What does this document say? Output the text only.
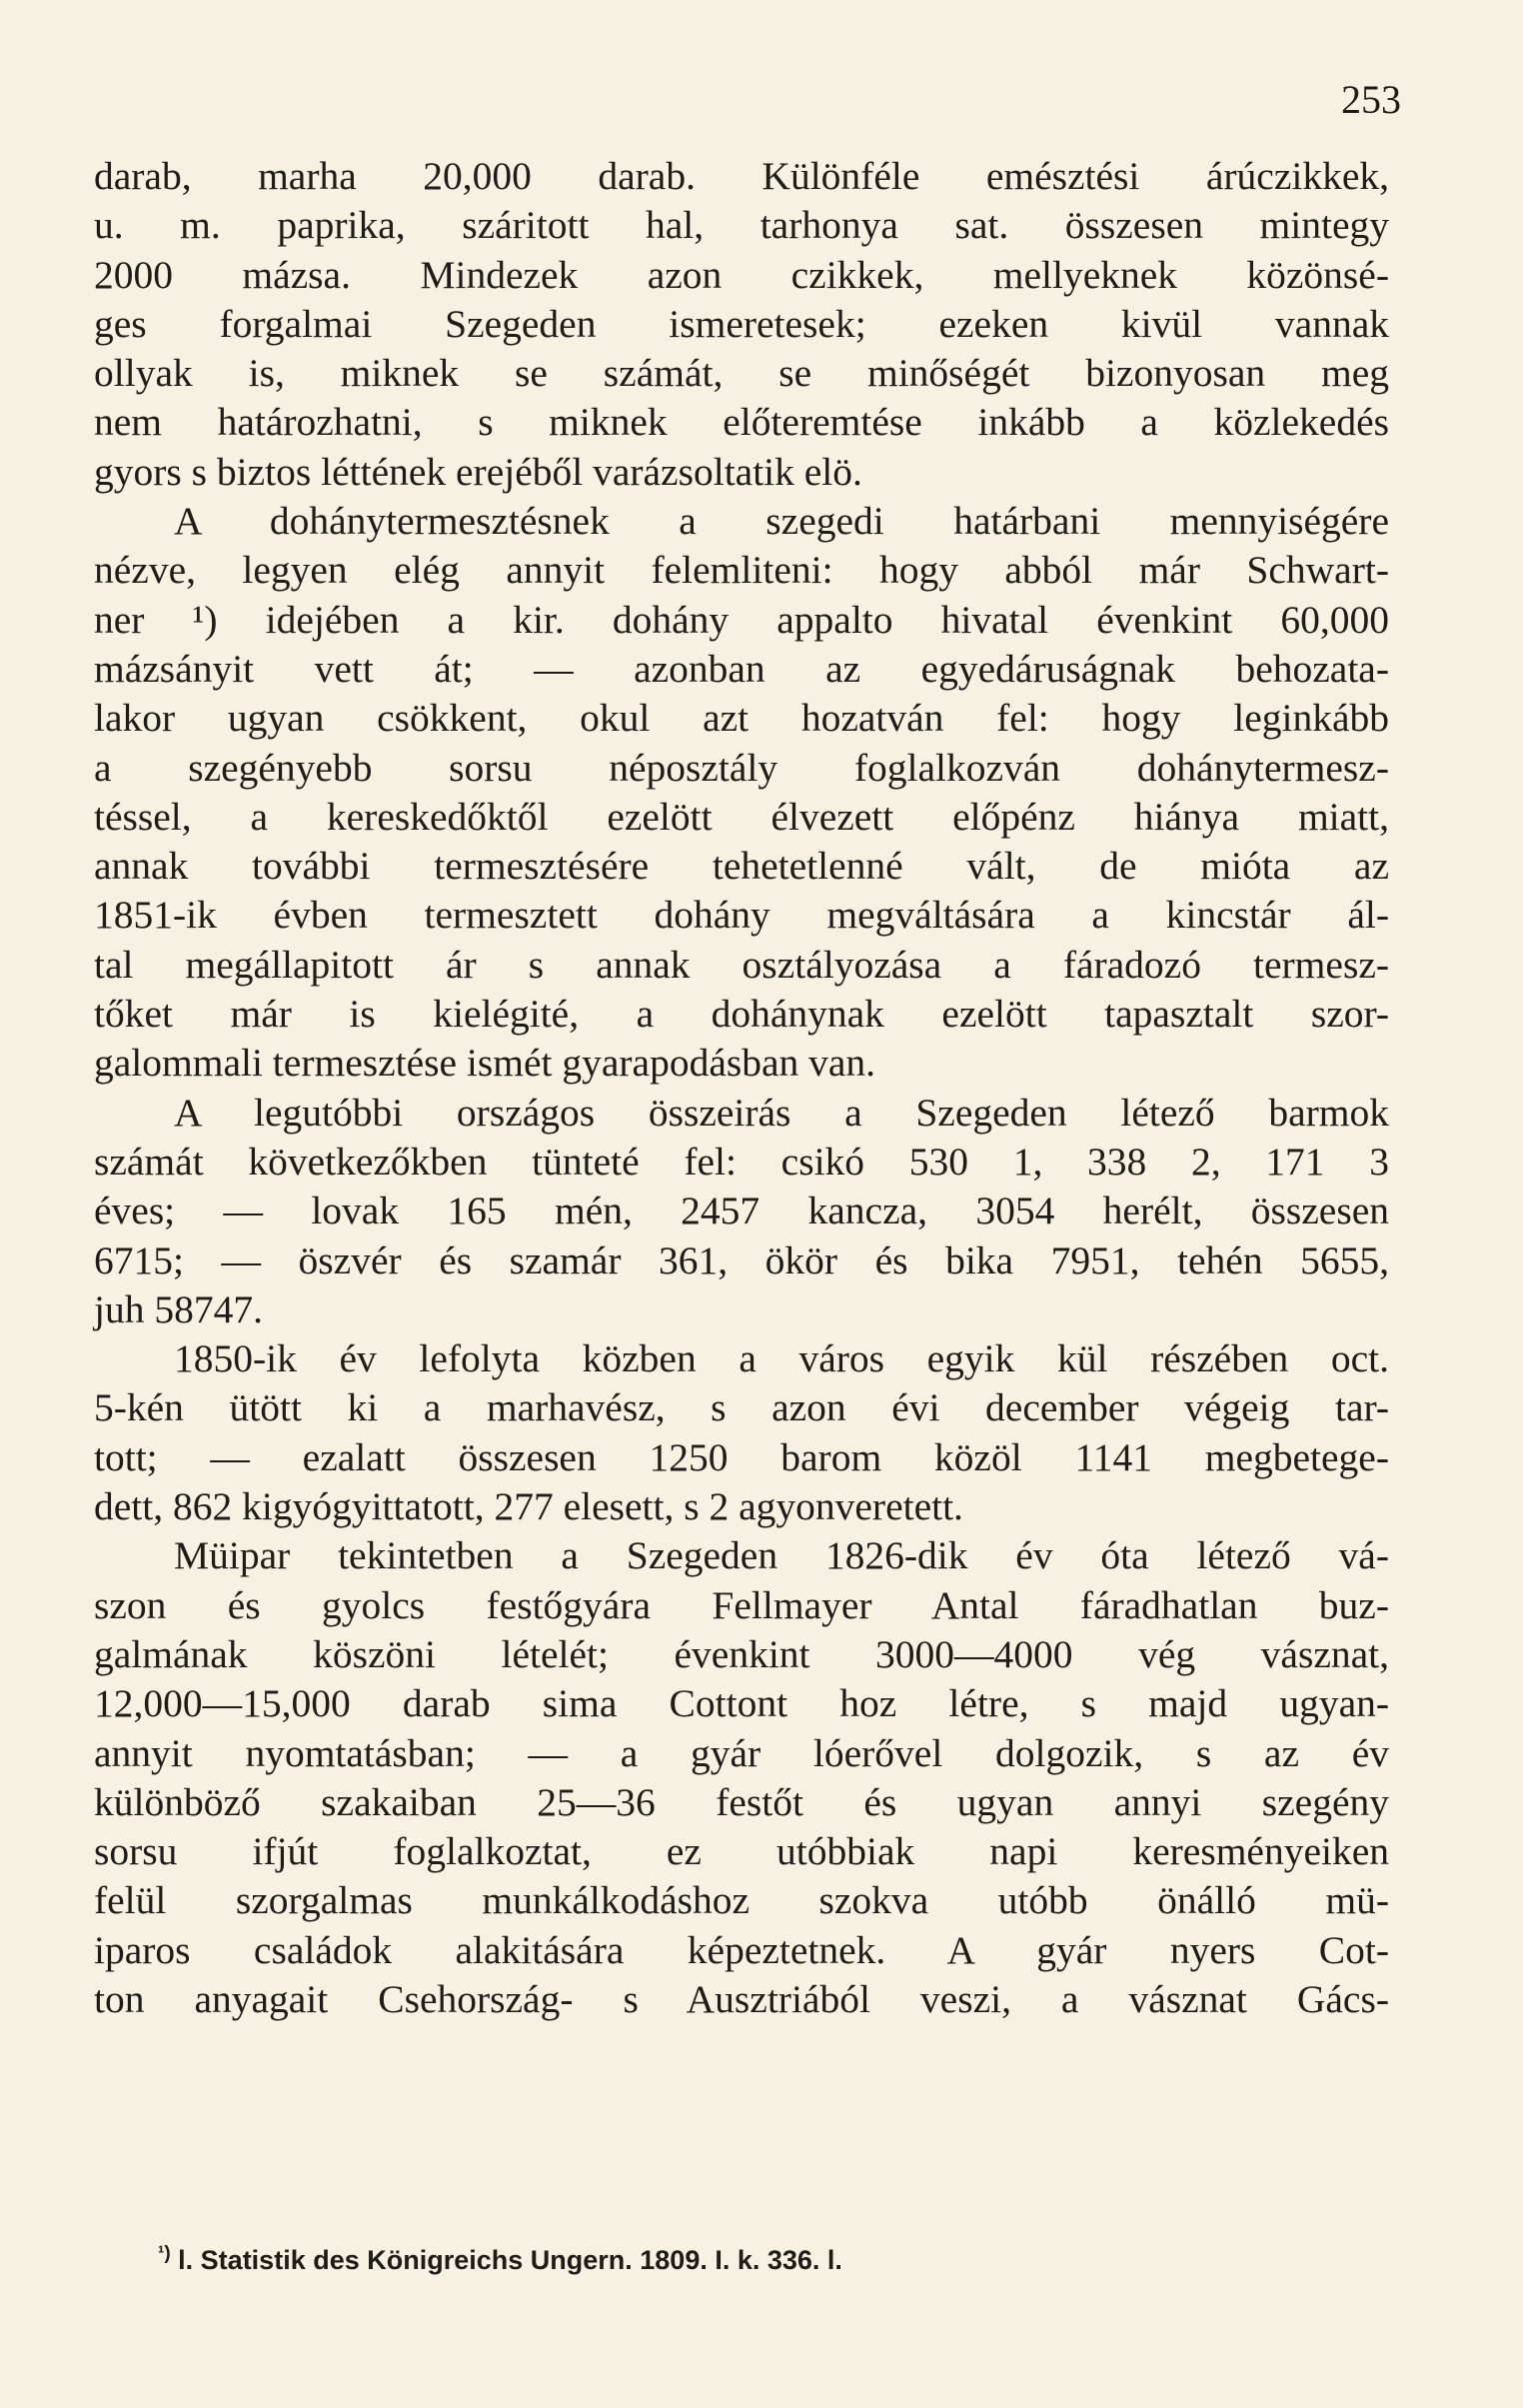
253
darab, marha 20,000 darab. Különféle emésztési árúczikkek,
u. m. paprika, száritott hal, tarhonya sat. összesen mintegy
2000 mázsa. Mindezek azon czikkek, mellyeknek közönsé-
ges forgalmai Szegeden ismeretesek; ezeken kivül vannak
ollyak is, miknek se számát, se minőségét bizonyosan meg
nem határozhatni, s miknek előteremtése inkább a közlekedés
gyors s biztos léttének erejéből varázsoltatik elö.
A dohánytermesztésnek a szegedi határbani mennyiségére
nézve, legyen elég annyit felemliteni: hogy abból már Schwart-
ner ¹) idejében a kir. dohány appalto hivatal évenkint 60,000
mázsányit vett át; — azonban az egyedáruságnak behozata-
lakor ugyan csökkent, okul azt hozatván fel: hogy leginkább
a szegényebb sorsu néposztály foglalkozván dohánytermesz-
téssel, a kereskedőktől ezelött élvezett előpénz hiánya miatt,
annak további termesztésére tehetetlenné vált, de mióta az
1851-ik évben termesztett dohány megváltására a kincstár ál-
tal megállapitott ár s annak osztályozása a fáradozó termesz-
tőket már is kielégité, a dohánynak ezelött tapasztalt szor-
galommali termesztése ismét gyarapodásban van.
A legutóbbi országos összeirás a Szegeden létező barmok
számát következőkben tünteté fel: csikó 530 1, 338 2, 171 3
éves; — lovak 165 mén, 2457 kancza, 3054 herélt, összesen
6715; — öszvér és szamár 361, ökör és bika 7951, tehén 5655,
juh 58747.
1850-ik év lefolyta közben a város egyik kül részében oct.
5-kén ütött ki a marhavész, s azon évi december végeig tar-
tott; — ezalatt összesen 1250 barom közöl 1141 megbetege-
dett, 862 kigyógyittatott, 277 elesett, s 2 agyonveretett.
Müipar tekintetben a Szegeden 1826-dik év óta létező vá-
szon és gyolcs festőgyára Fellmayer Antal fáradhatlan buz-
galmának köszöni lételét; évenkint 3000—4000 vég vásznat,
12,000—15,000 darab sima Cottont hoz létre, s majd ugyan-
annyit nyomtatásban; — a gyár lóerővel dolgozik, s az év
különböző szakaiban 25—36 festőt és ugyan annyi szegény
sorsu ifjút foglalkoztat, ez utóbbiak napi keresményeiken
felül szorgalmas munkálkodáshoz szokva utóbb önálló mü-
iparos családok alakitására képeztetnek. A gyár nyers Cot-
ton anyagait Csehország- s Ausztriából veszi, a vásznat Gács-
$^{^1)}$ l. Statistik des Königreichs Ungern. 1809. I. k. 336. l.
